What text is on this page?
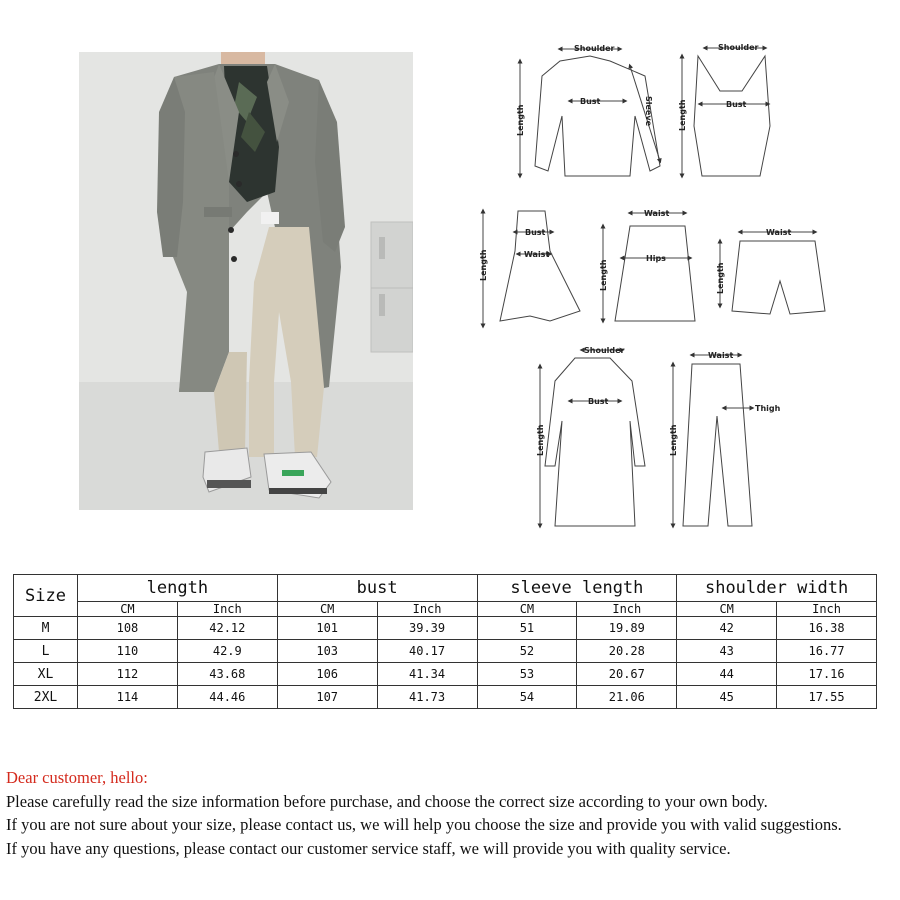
Shoulder
Bust
Length	Sleeve
Shoulder
Bust
Length
Bust
Waist
Length
Waist
Hips
Length
Waist
Length
Shoulder
Bust
Length
Waist
Thigh
Length
Size	length		bust		sleeve length		shoulder width	
	CM	Inch	CM	Inch	CM	Inch	CM	Inch
M	108	42.12	101	39.39	51	19.89	42	16.38
L	110	42.9	103	40.17	52	20.28	43	16.77
XL	112	43.68	106	41.34	53	20.67	44	17.16
2XL	114	44.46	107	41.73	54	21.06	45	17.55

Dear customer, hello:

Please carefully read the size information before purchase, and choose the correct size according to your own body.

If you are not sure about your size, please contact us, we will help you choose the size and provide you with valid suggestions.

If you have any questions, please contact our customer service staff, we will provide you with quality service.
